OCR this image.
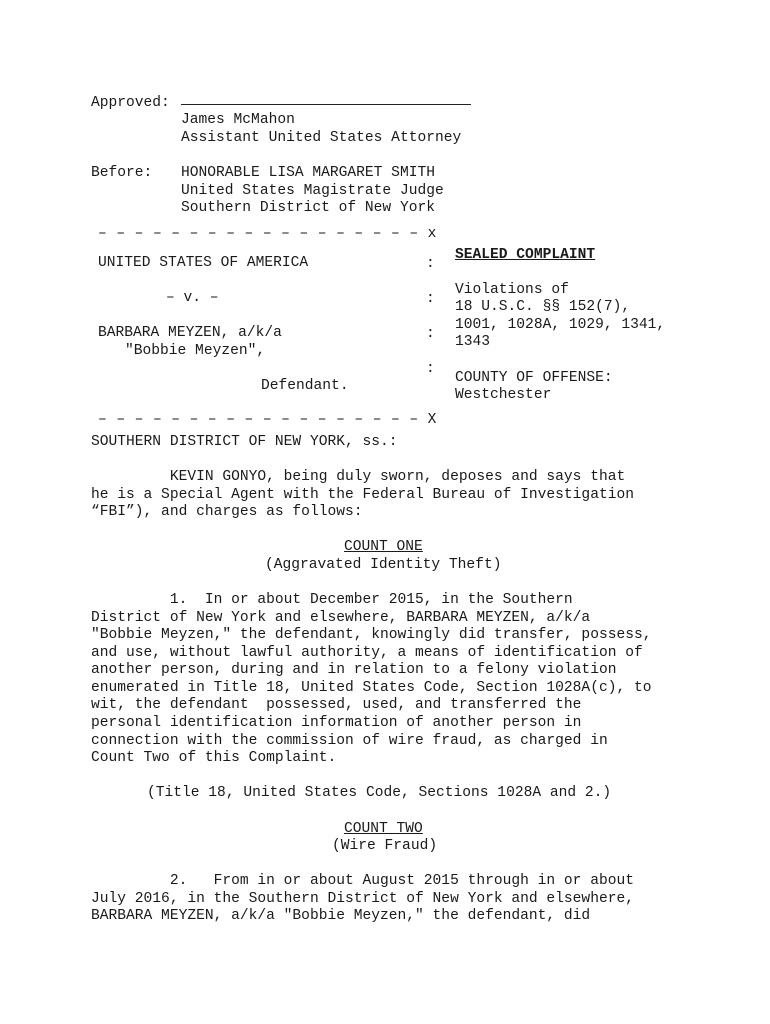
Approved:
James McMahon
Assistant United States Attorney
Before: HONORABLE LISA MARGARET SMITH
United States Magistrate Judge
Southern District of New York
– – – – – – – – – – – – – – – – – – x
UNITED STATES OF AMERICA	:
SEALED COMPLAINT
– v. –	:
Violations of
18 U.S.C. §§ 152(7),
1001, 1028A, 1029, 1341,
1343
BARBARA MEYZEN, a/k/a	:
"Bobbie Meyzen",
:
Defendant.	COUNTY OF OFFENSE:
Westchester
– – – – – – – – – – – – – – – – – – X
SOUTHERN DISTRICT OF NEW YORK, ss.:
KEVIN GONYO, being duly sworn, deposes and says that
he is a Special Agent with the Federal Bureau of Investigation
“FBI”), and charges as follows:
COUNT ONE
(Aggravated Identity Theft)
1.  In or about December 2015, in the Southern
District of New York and elsewhere, BARBARA MEYZEN, a/k/a
"Bobbie Meyzen," the defendant, knowingly did transfer, possess,
and use, without lawful authority, a means of identification of
another person, during and in relation to a felony violation
enumerated in Title 18, United States Code, Section 1028A(c), to
wit, the defendant  possessed, used, and transferred the
personal identification information of another person in
connection with the commission of wire fraud, as charged in
Count Two of this Complaint.
(Title 18, United States Code, Sections 1028A and 2.)
COUNT TWO
(Wire Fraud)
2.   From in or about August 2015 through in or about
July 2016, in the Southern District of New York and elsewhere,
BARBARA MEYZEN, a/k/a "Bobbie Meyzen," the defendant, did
